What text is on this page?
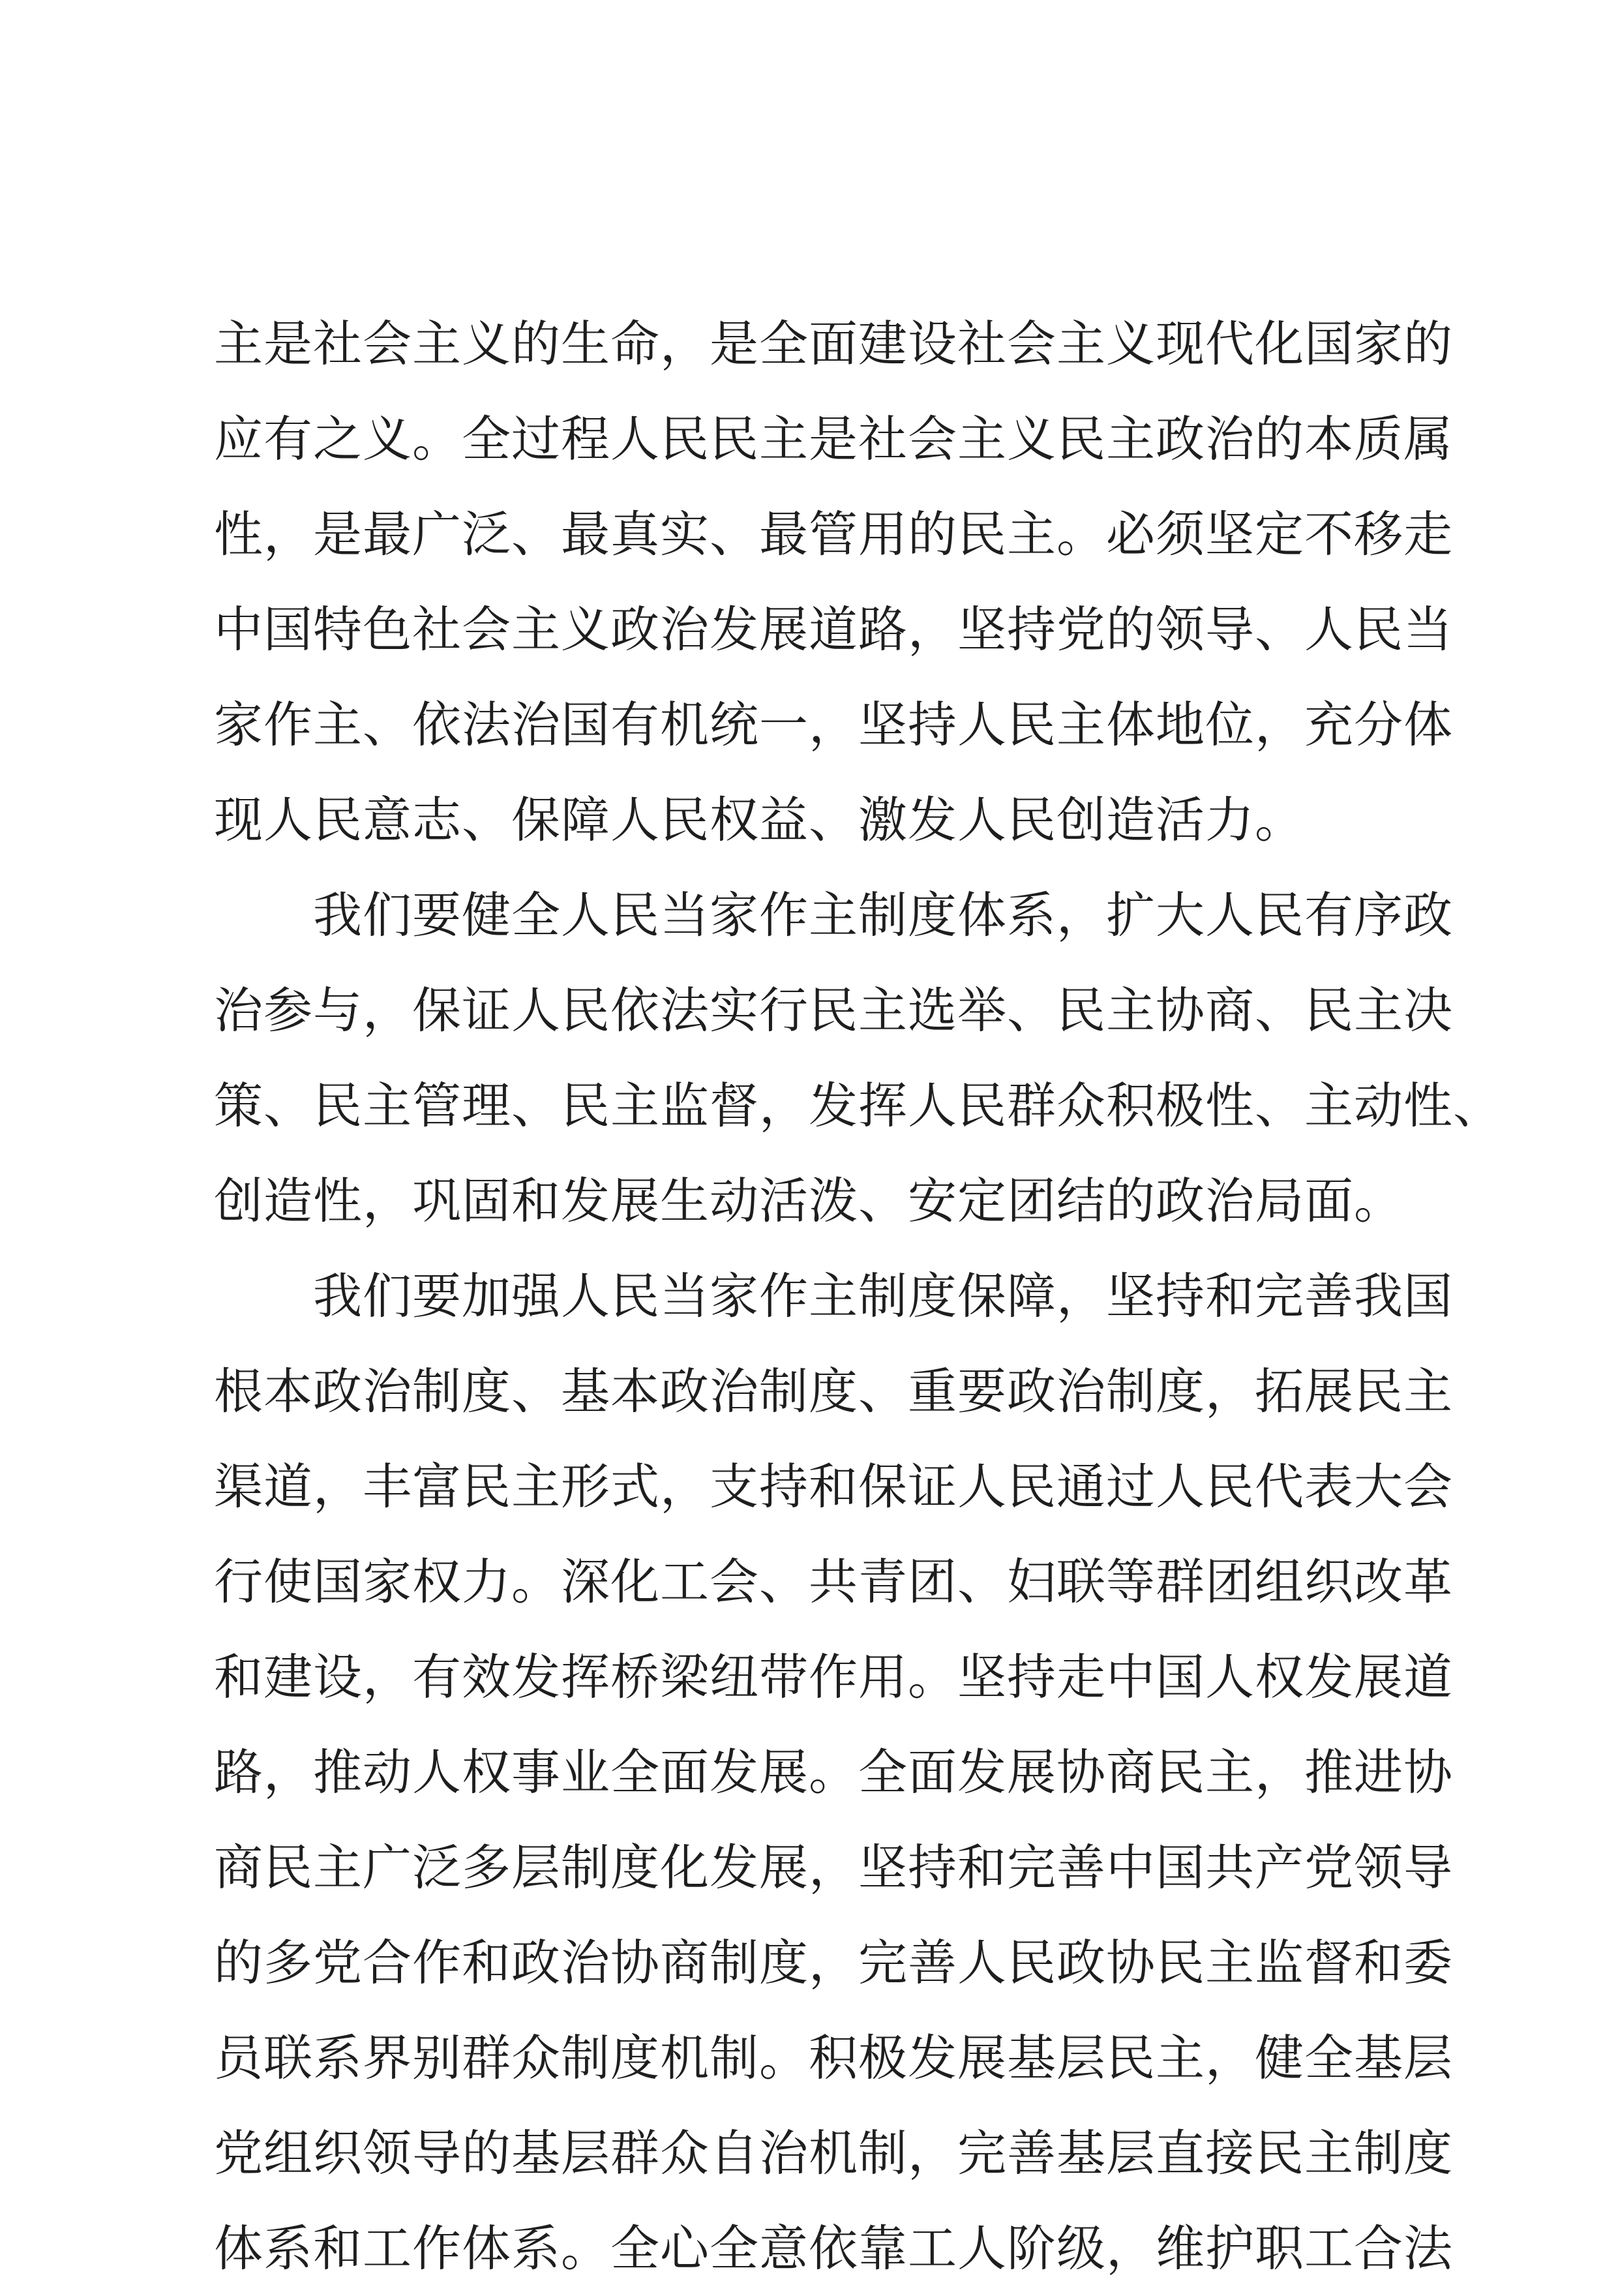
主是社会主义的生命，是全面建设社会主义现代化国家的
应有之义。全过程人民民主是社会主义民主政治的本质属
性，是最广泛、最真实、最管用的民主。必须坚定不移走
中国特色社会主义政治发展道路，坚持党的领导、人民当
家作主、依法治国有机统一，坚持人民主体地位，充分体
现人民意志、保障人民权益、激发人民创造活力。
我们要健全人民当家作主制度体系，扩大人民有序政
治参与，保证人民依法实行民主选举、民主协商、民主决
策、民主管理、民主监督，发挥人民群众积极性、主动性、
创造性，巩固和发展生动活泼、安定团结的政治局面。
我们要加强人民当家作主制度保障，坚持和完善我国
根本政治制度、基本政治制度、重要政治制度，拓展民主
渠道，丰富民主形式，支持和保证人民通过人民代表大会
行使国家权力。深化工会、共青团、妇联等群团组织改革
和建设，有效发挥桥梁纽带作用。坚持走中国人权发展道
路，推动人权事业全面发展。全面发展协商民主，推进协
商民主广泛多层制度化发展，坚持和完善中国共产党领导
的多党合作和政治协商制度，完善人民政协民主监督和委
员联系界别群众制度机制。积极发展基层民主，健全基层
党组织领导的基层群众自治机制，完善基层直接民主制度
体系和工作体系。全心全意依靠工人阶级，维护职工合法
